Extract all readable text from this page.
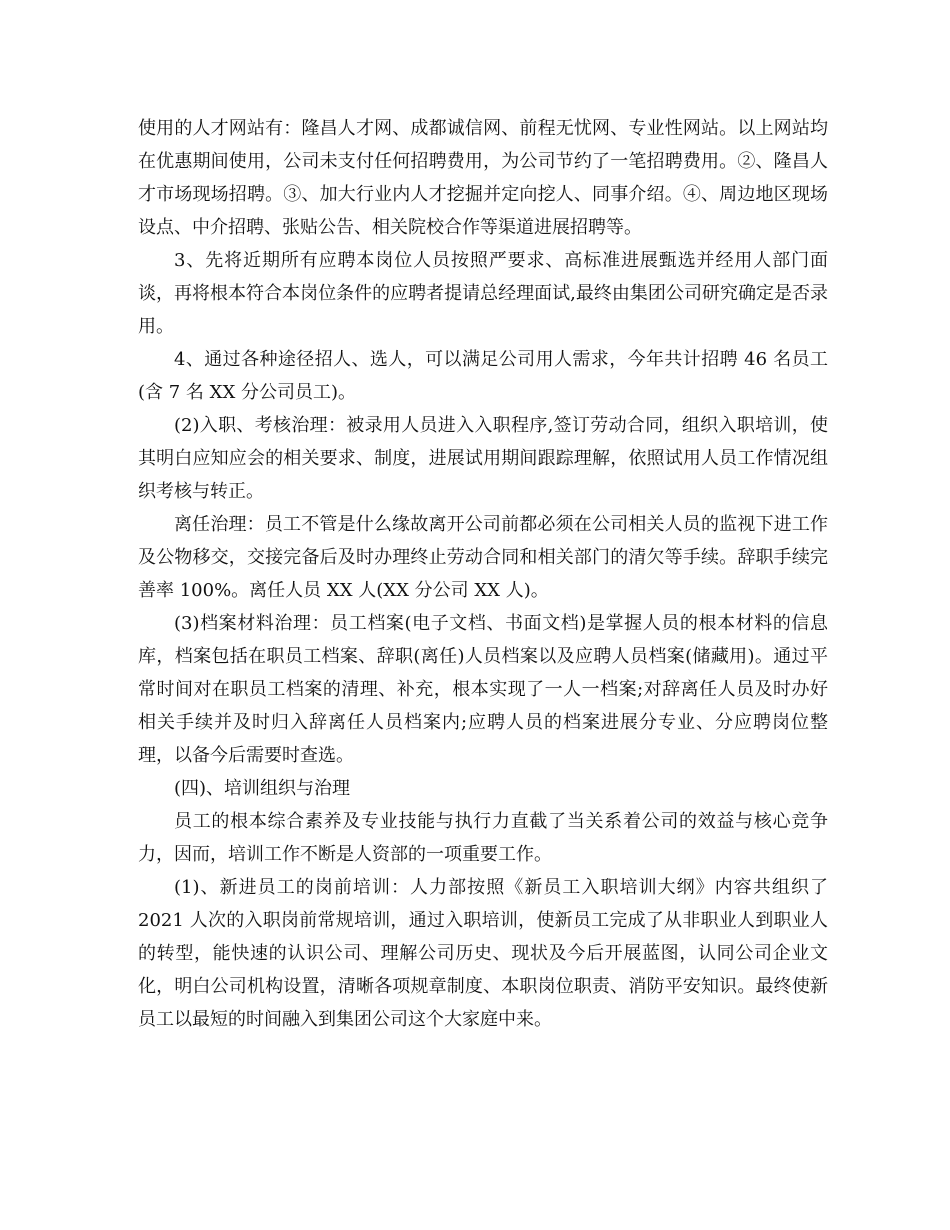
使用的人才网站有：隆昌人才网、成都诚信网、前程无忧网、专业性网站。以上网站均在优惠期间使用，公司未支付任何招聘费用，为公司节约了一笔招聘费用。②、隆昌人才市场现场招聘。③、加大行业内人才挖掘并定向挖人、同事介绍。④、周边地区现场设点、中介招聘、张贴公告、相关院校合作等渠道进展招聘等。

3、先将近期所有应聘本岗位人员按照严要求、高标准进展甄选并经用人部门面谈，再将根本符合本岗位条件的应聘者提请总经理面试,最终由集团公司研究确定是否录用。

4、通过各种途径招人、选人，可以满足公司用人需求，今年共计招聘 46 名员工(含 7 名 XX 分公司员工)。

(2)入职、考核治理：被录用人员进入入职程序,签订劳动合同，组织入职培训，使其明白应知应会的相关要求、制度，进展试用期间跟踪理解，依照试用人员工作情况组织考核与转正。

离任治理：员工不管是什么缘故离开公司前都必须在公司相关人员的监视下进工作及公物移交，交接完备后及时办理终止劳动合同和相关部门的清欠等手续。辞职手续完善率 100%。离任人员 XX 人(XX 分公司 XX 人)。

(3)档案材料治理：员工档案(电子文档、书面文档)是掌握人员的根本材料的信息库，档案包括在职员工档案、辞职(离任)人员档案以及应聘人员档案(储藏用)。通过平常时间对在职员工档案的清理、补充，根本实现了一人一档案;对辞离任人员及时办好相关手续并及时归入辞离任人员档案内;应聘人员的档案进展分专业、分应聘岗位整理，以备今后需要时查选。

(四)、培训组织与治理

员工的根本综合素养及专业技能与执行力直截了当关系着公司的效益与核心竞争力，因而，培训工作不断是人资部的一项重要工作。

(1)、新进员工的岗前培训：人力部按照《新员工入职培训大纲》内容共组织了 2021 人次的入职岗前常规培训，通过入职培训，使新员工完成了从非职业人到职业人的转型，能快速的认识公司、理解公司历史、现状及今后开展蓝图，认同公司企业文化，明白公司机构设置，清晰各项规章制度、本职岗位职责、消防平安知识。最终使新员工以最短的时间融入到集团公司这个大家庭中来。
